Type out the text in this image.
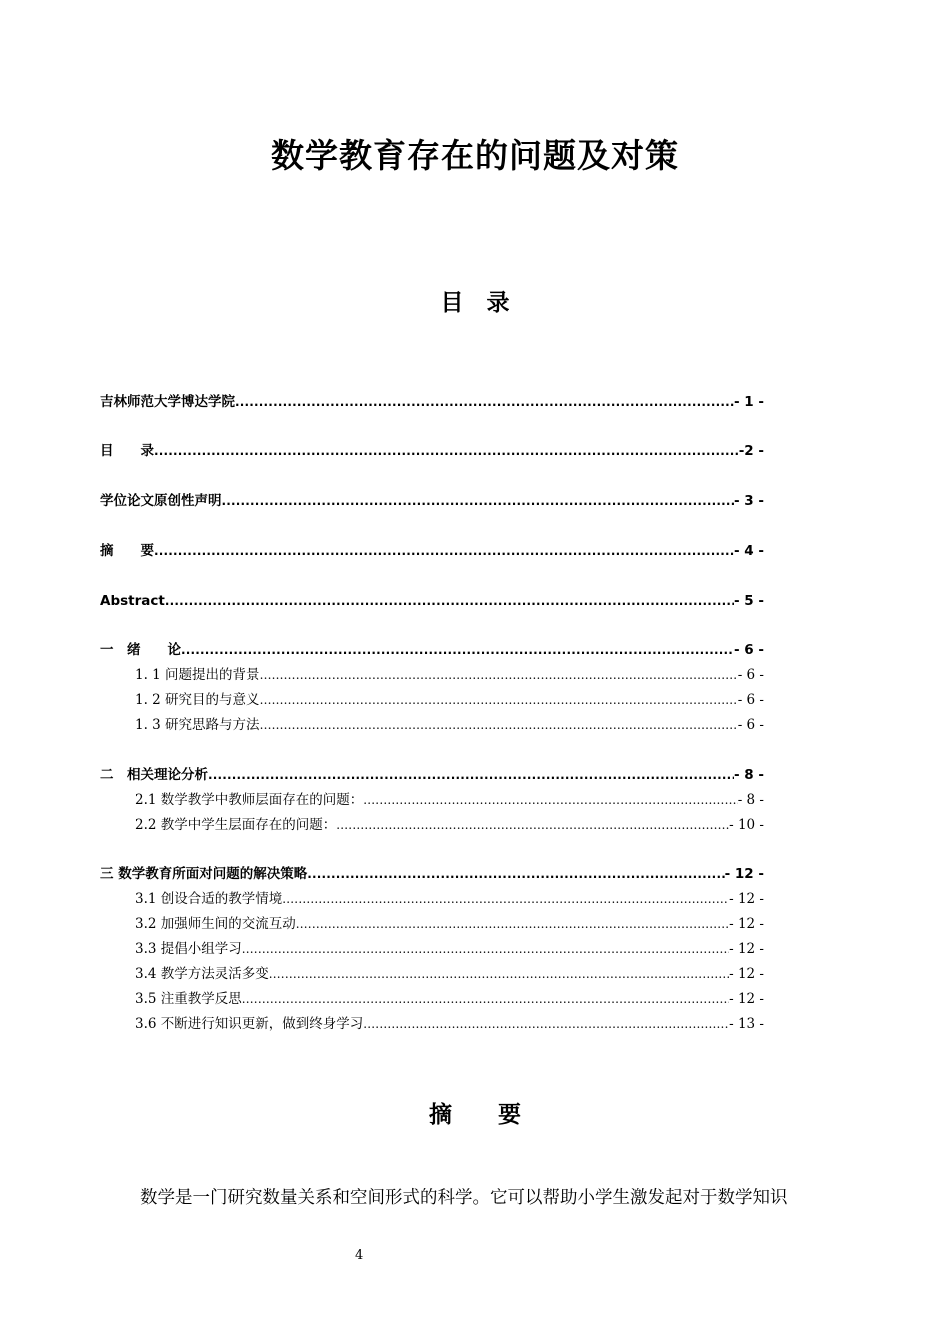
数学教育存在的问题及对策
目　录
吉林师范大学博达学院 .....	- 1 -
目　　录 .....	-2 -
学位论文原创性声明 .....	- 3 -
摘　　要 .....	- 4 -
Abstract .....	- 5 -
一　绪　　论 .....	- 6 -
1. 1 问题提出的背景 .....	- 6 -
1. 2 研究目的与意义 .....	- 6 -
1. 3 研究思路与方法 .....	- 6 -
二　相关理论分析 .....	- 8 -
2.1 数学教学中教师层面存在的问题： .....	- 8 -
2.2 教学中学生层面存在的问题： .....	- 10 -
三 数学教育所面对问题的解决策略 .....	- 12 -
3.1 创设合适的教学情境 .....	- 12 -
3.2 加强师生间的交流互动 .....	- 12 -
3.3 提倡小组学习 .....	- 12 -
3.4 教学方法灵活多变 .....	- 12 -
3.5 注重教学反思 .....	- 12 -
3.6 不断进行知识更新，做到终身学习 .....	- 13 -
摘　　要

数学是一门研究数量关系和空间形式的科学。它可以帮助小学生激发起对于数学知识

4
